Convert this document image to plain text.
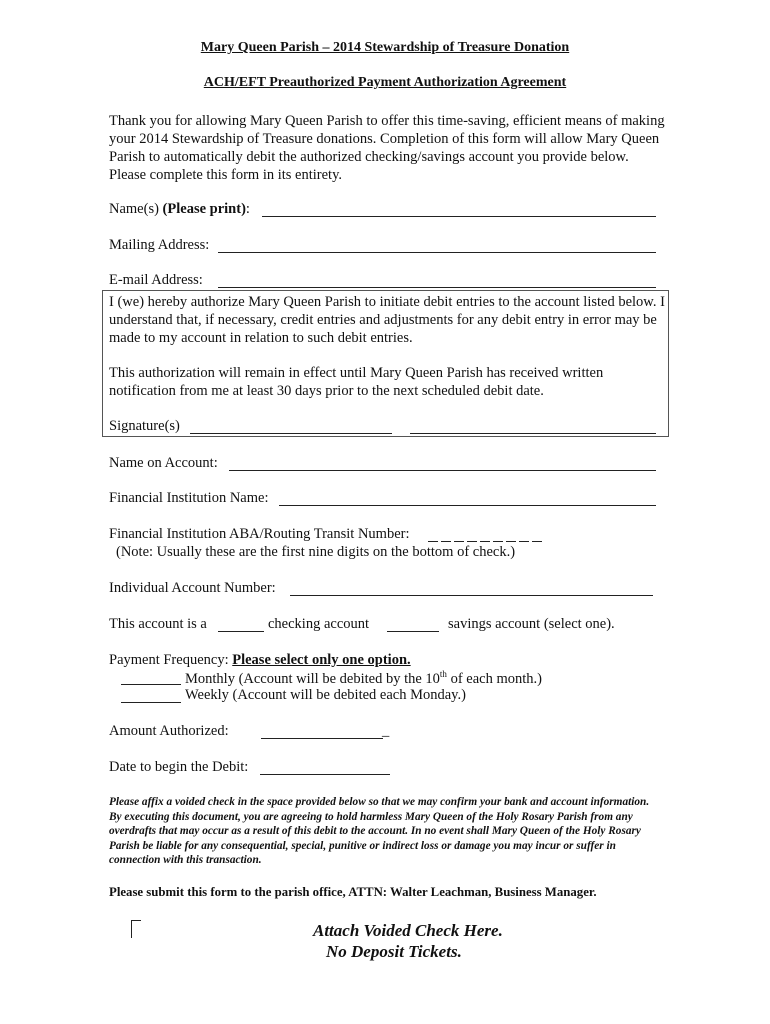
Mary Queen Parish – 2014 Stewardship of Treasure Donation
ACH/EFT Preauthorized Payment Authorization Agreement
Thank you for allowing Mary Queen Parish to offer this time-saving, efficient means of making your 2014 Stewardship of Treasure donations. Completion of this form will allow Mary Queen Parish to automatically debit the authorized checking/savings account you provide below. Please complete this form in its entirety.
Name(s) (Please print):
Mailing Address:
E-mail Address:
I (we) hereby authorize Mary Queen Parish to initiate debit entries to the account listed below. I understand that, if necessary, credit entries and adjustments for any debit entry in error may be made to my account in relation to such debit entries.
This authorization will remain in effect until Mary Queen Parish has received written notification from me at least 30 days prior to the next scheduled debit date.
Signature(s)
Name on Account:
Financial Institution Name:
Financial Institution ABA/Routing Transit Number:
(Note: Usually these are the first nine digits on the bottom of check.)
Individual Account Number:
This account is a	checking account	savings account (select one).
Payment Frequency: Please select only one option.
Monthly (Account will be debited by the 10th of each month.)
Weekly (Account will be debited each Monday.)
Amount Authorized:	_
Date to begin the Debit:
Please affix a voided check in the space provided below so that we may confirm your bank and account information. By executing this document, you are agreeing to hold harmless Mary Queen of the Holy Rosary Parish from any overdrafts that may occur as a result of this debit to the account. In no event shall Mary Queen of the Holy Rosary Parish be liable for any consequential, special, punitive or indirect loss or damage you may incur or suffer in connection with this transaction.
Please submit this form to the parish office, ATTN: Walter Leachman, Business Manager.
Attach Voided Check Here.
No Deposit Tickets.
